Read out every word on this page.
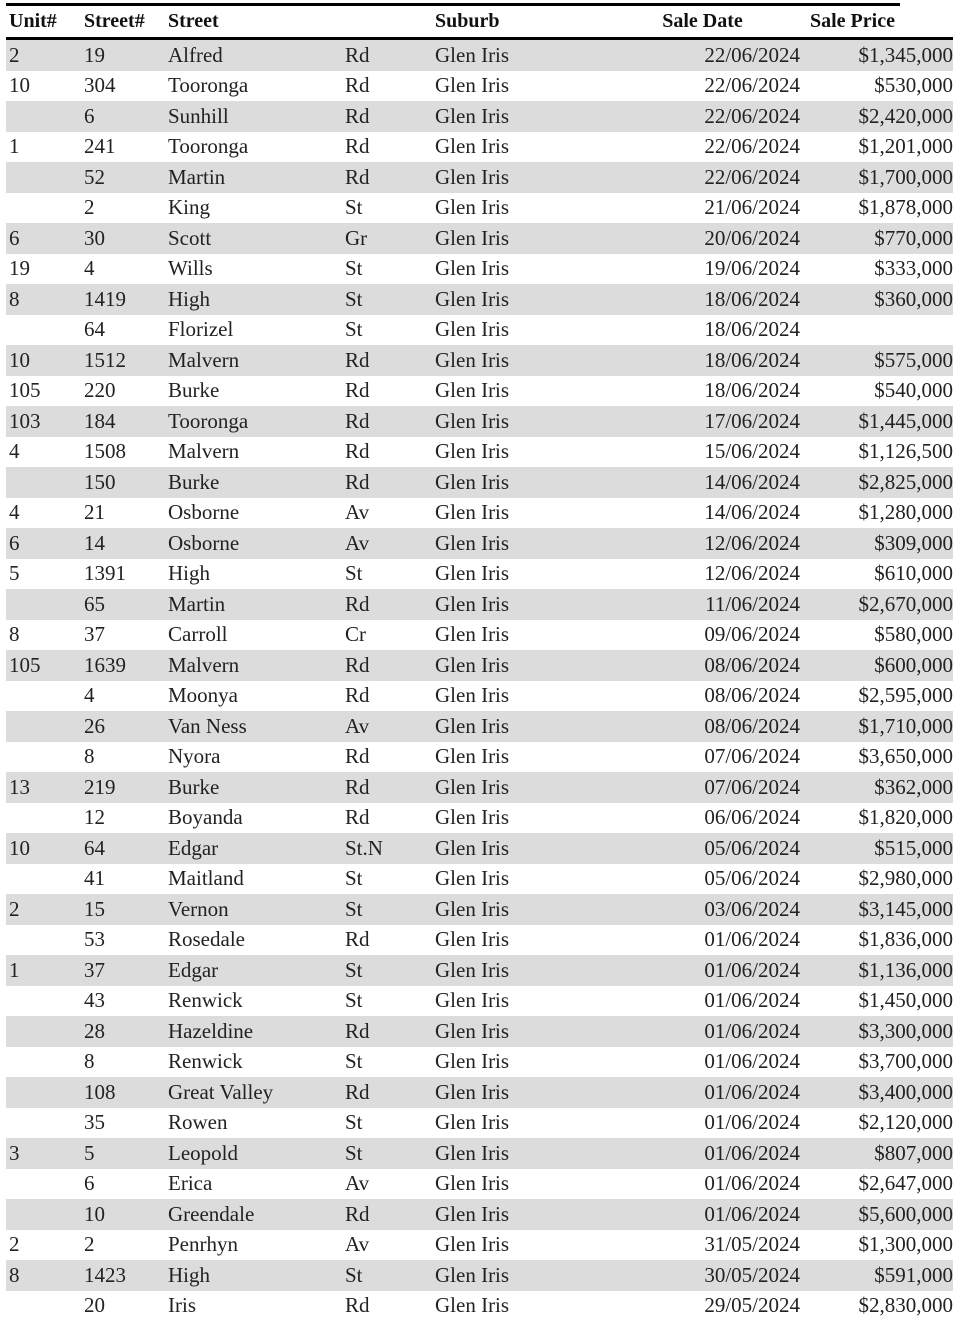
Unit#	Street#	Street		Suburb	Sale Date	Sale Price
2	19	Alfred	Rd	Glen Iris	22/06/2024	$1,345,000
10	304	Tooronga	Rd	Glen Iris	22/06/2024	$530,000
	6	Sunhill	Rd	Glen Iris	22/06/2024	$2,420,000
1	241	Tooronga	Rd	Glen Iris	22/06/2024	$1,201,000
	52	Martin	Rd	Glen Iris	22/06/2024	$1,700,000
	2	King	St	Glen Iris	21/06/2024	$1,878,000
6	30	Scott	Gr	Glen Iris	20/06/2024	$770,000
19	4	Wills	St	Glen Iris	19/06/2024	$333,000
8	1419	High	St	Glen Iris	18/06/2024	$360,000
	64	Florizel	St	Glen Iris	18/06/2024	
10	1512	Malvern	Rd	Glen Iris	18/06/2024	$575,000
105	220	Burke	Rd	Glen Iris	18/06/2024	$540,000
103	184	Tooronga	Rd	Glen Iris	17/06/2024	$1,445,000
4	1508	Malvern	Rd	Glen Iris	15/06/2024	$1,126,500
	150	Burke	Rd	Glen Iris	14/06/2024	$2,825,000
4	21	Osborne	Av	Glen Iris	14/06/2024	$1,280,000
6	14	Osborne	Av	Glen Iris	12/06/2024	$309,000
5	1391	High	St	Glen Iris	12/06/2024	$610,000
	65	Martin	Rd	Glen Iris	11/06/2024	$2,670,000
8	37	Carroll	Cr	Glen Iris	09/06/2024	$580,000
105	1639	Malvern	Rd	Glen Iris	08/06/2024	$600,000
	4	Moonya	Rd	Glen Iris	08/06/2024	$2,595,000
	26	Van Ness	Av	Glen Iris	08/06/2024	$1,710,000
	8	Nyora	Rd	Glen Iris	07/06/2024	$3,650,000
13	219	Burke	Rd	Glen Iris	07/06/2024	$362,000
	12	Boyanda	Rd	Glen Iris	06/06/2024	$1,820,000
10	64	Edgar	St.N	Glen Iris	05/06/2024	$515,000
	41	Maitland	St	Glen Iris	05/06/2024	$2,980,000
2	15	Vernon	St	Glen Iris	03/06/2024	$3,145,000
	53	Rosedale	Rd	Glen Iris	01/06/2024	$1,836,000
1	37	Edgar	St	Glen Iris	01/06/2024	$1,136,000
	43	Renwick	St	Glen Iris	01/06/2024	$1,450,000
	28	Hazeldine	Rd	Glen Iris	01/06/2024	$3,300,000
	8	Renwick	St	Glen Iris	01/06/2024	$3,700,000
	108	Great Valley	Rd	Glen Iris	01/06/2024	$3,400,000
	35	Rowen	St	Glen Iris	01/06/2024	$2,120,000
3	5	Leopold	St	Glen Iris	01/06/2024	$807,000
	6	Erica	Av	Glen Iris	01/06/2024	$2,647,000
	10	Greendale	Rd	Glen Iris	01/06/2024	$5,600,000
2	2	Penrhyn	Av	Glen Iris	31/05/2024	$1,300,000
8	1423	High	St	Glen Iris	30/05/2024	$591,000
	20	Iris	Rd	Glen Iris	29/05/2024	$2,830,000
